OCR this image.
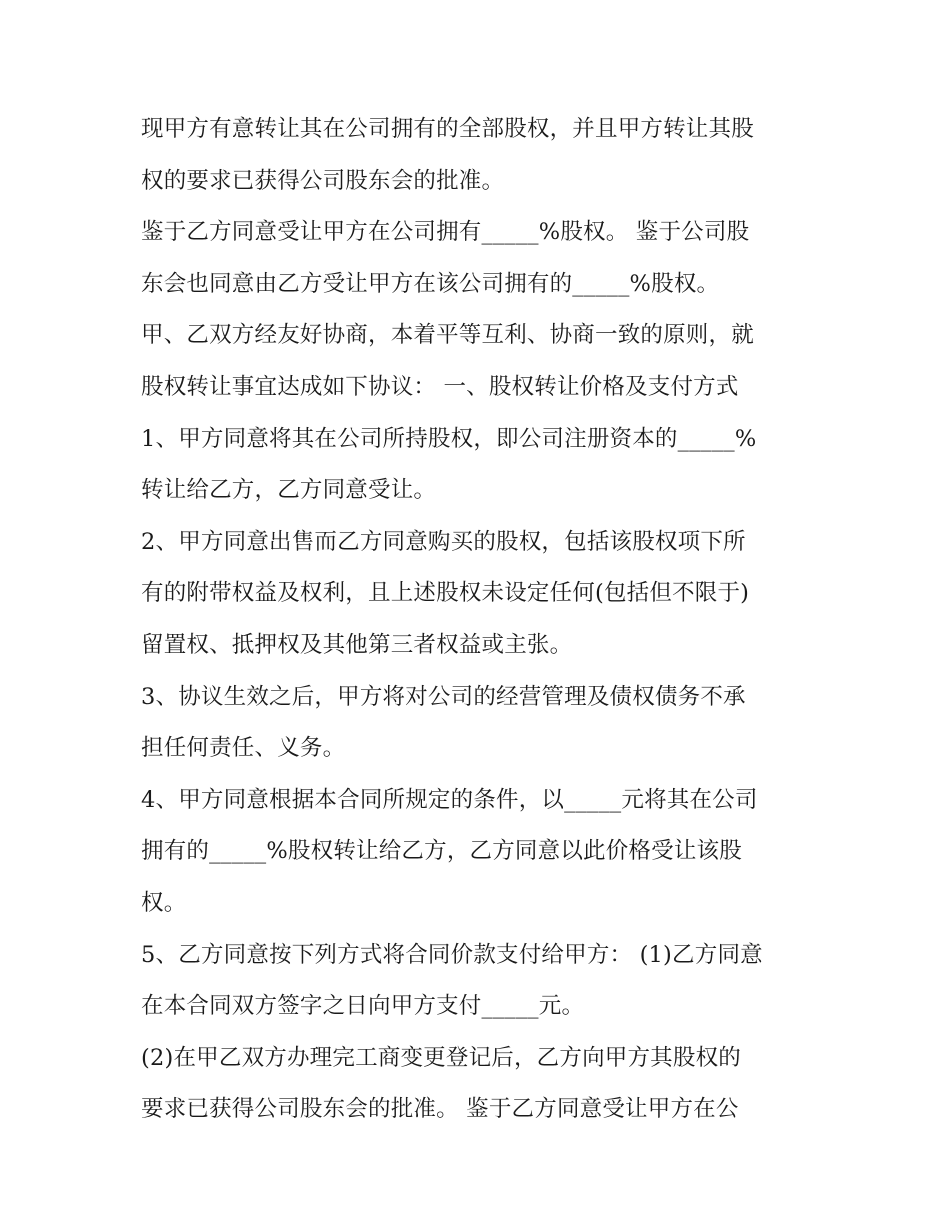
现甲方有意转让其在公司拥有的全部股权，并且甲方转让其股
权的要求已获得公司股东会的批准。
鉴于乙方同意受让甲方在公司拥有_____%股权。 鉴于公司股
东会也同意由乙方受让甲方在该公司拥有的_____%股权。
甲、乙双方经友好协商，本着平等互利、协商一致的原则，就
股权转让事宜达成如下协议： 一、股权转让价格及支付方式
1、甲方同意将其在公司所持股权，即公司注册资本的_____%
转让给乙方，乙方同意受让。
2、甲方同意出售而乙方同意购买的股权，包括该股权项下所
有的附带权益及权利，且上述股权未设定任何(包括但不限于)
留置权、抵押权及其他第三者权益或主张。
3、协议生效之后，甲方将对公司的经营管理及债权债务不承
担任何责任、义务。
4、甲方同意根据本合同所规定的条件，以_____元将其在公司
拥有的_____%股权转让给乙方，乙方同意以此价格受让该股
权。
5、乙方同意按下列方式将合同价款支付给甲方： (1)乙方同意
在本合同双方签字之日向甲方支付_____元。
(2)在甲乙双方办理完工商变更登记后，乙方向甲方其股权的
要求已获得公司股东会的批准。 鉴于乙方同意受让甲方在公
